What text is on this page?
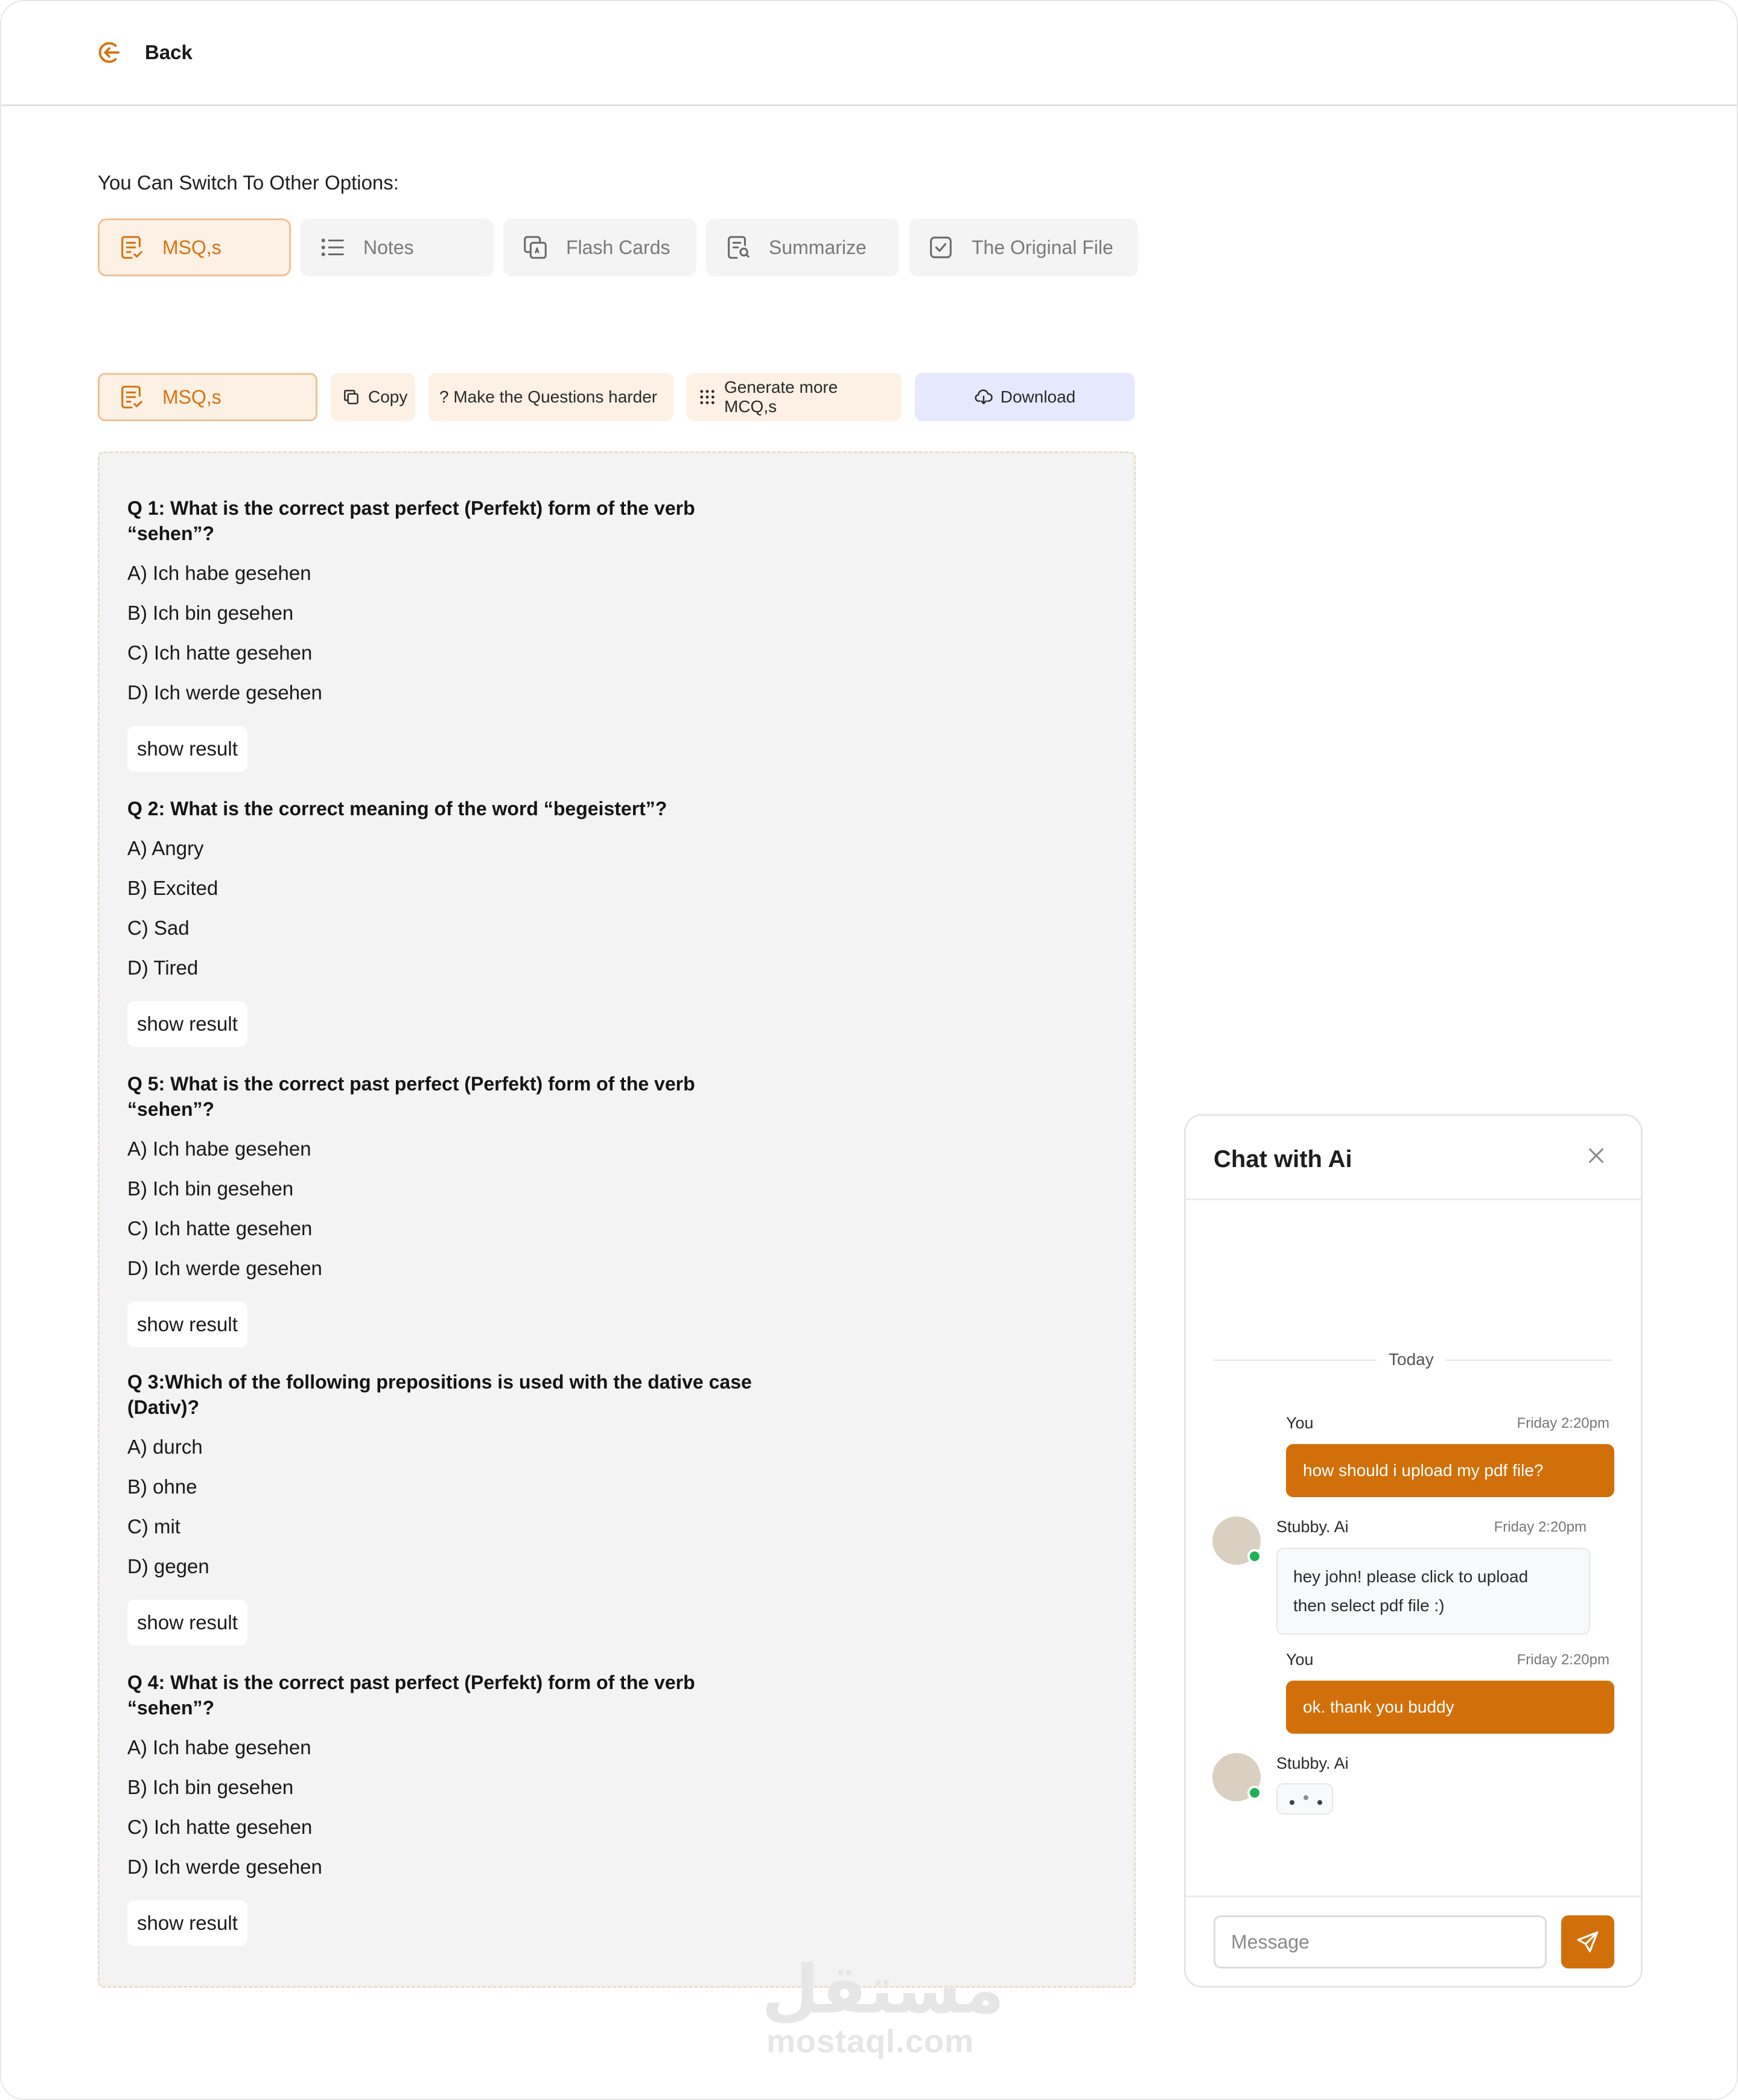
Back
You Can Switch To Other Options:
MSQ,s	Notes	Flash Cards	Summarize	The Original File
MSQ,s	Copy ? Make the Questions harder
Generate more MCQ,s
Download
Q 1: What is the correct past perfect (Perfekt) form of the verb
“sehen”?
A) Ich habe gesehen
B) Ich bin gesehen
C) Ich hatte gesehen
D) Ich werde gesehen
show result
Q 2: What is the correct meaning of the word “begeistert”?
A) Angry
B) Excited
C) Sad
D) Tired
show result
Q 5: What is the correct past perfect (Perfekt) form of the verb
“sehen”?
A) Ich habe gesehen
B) Ich bin gesehen
C) Ich hatte gesehen
D) Ich werde gesehen
show result
Q 3:Which of the following prepositions is used with the dative case
(Dativ)?
A) durch
B) ohne
C) mit
D) gegen
show result
Q 4: What is the correct past perfect (Perfekt) form of the verb
“sehen”?
A) Ich habe gesehen
B) Ich bin gesehen
C) Ich hatte gesehen
D) Ich werde gesehen
show result
Chat with Ai
Today
You	Friday 2:20pm
how should i upload my pdf file?
Stubby. Ai	Friday 2:20pm
hey john! please click to upload
then select pdf file :)
You	Friday 2:20pm
ok. thank you buddy
Stubby. Ai
Message
مستقل
mostaql.com
